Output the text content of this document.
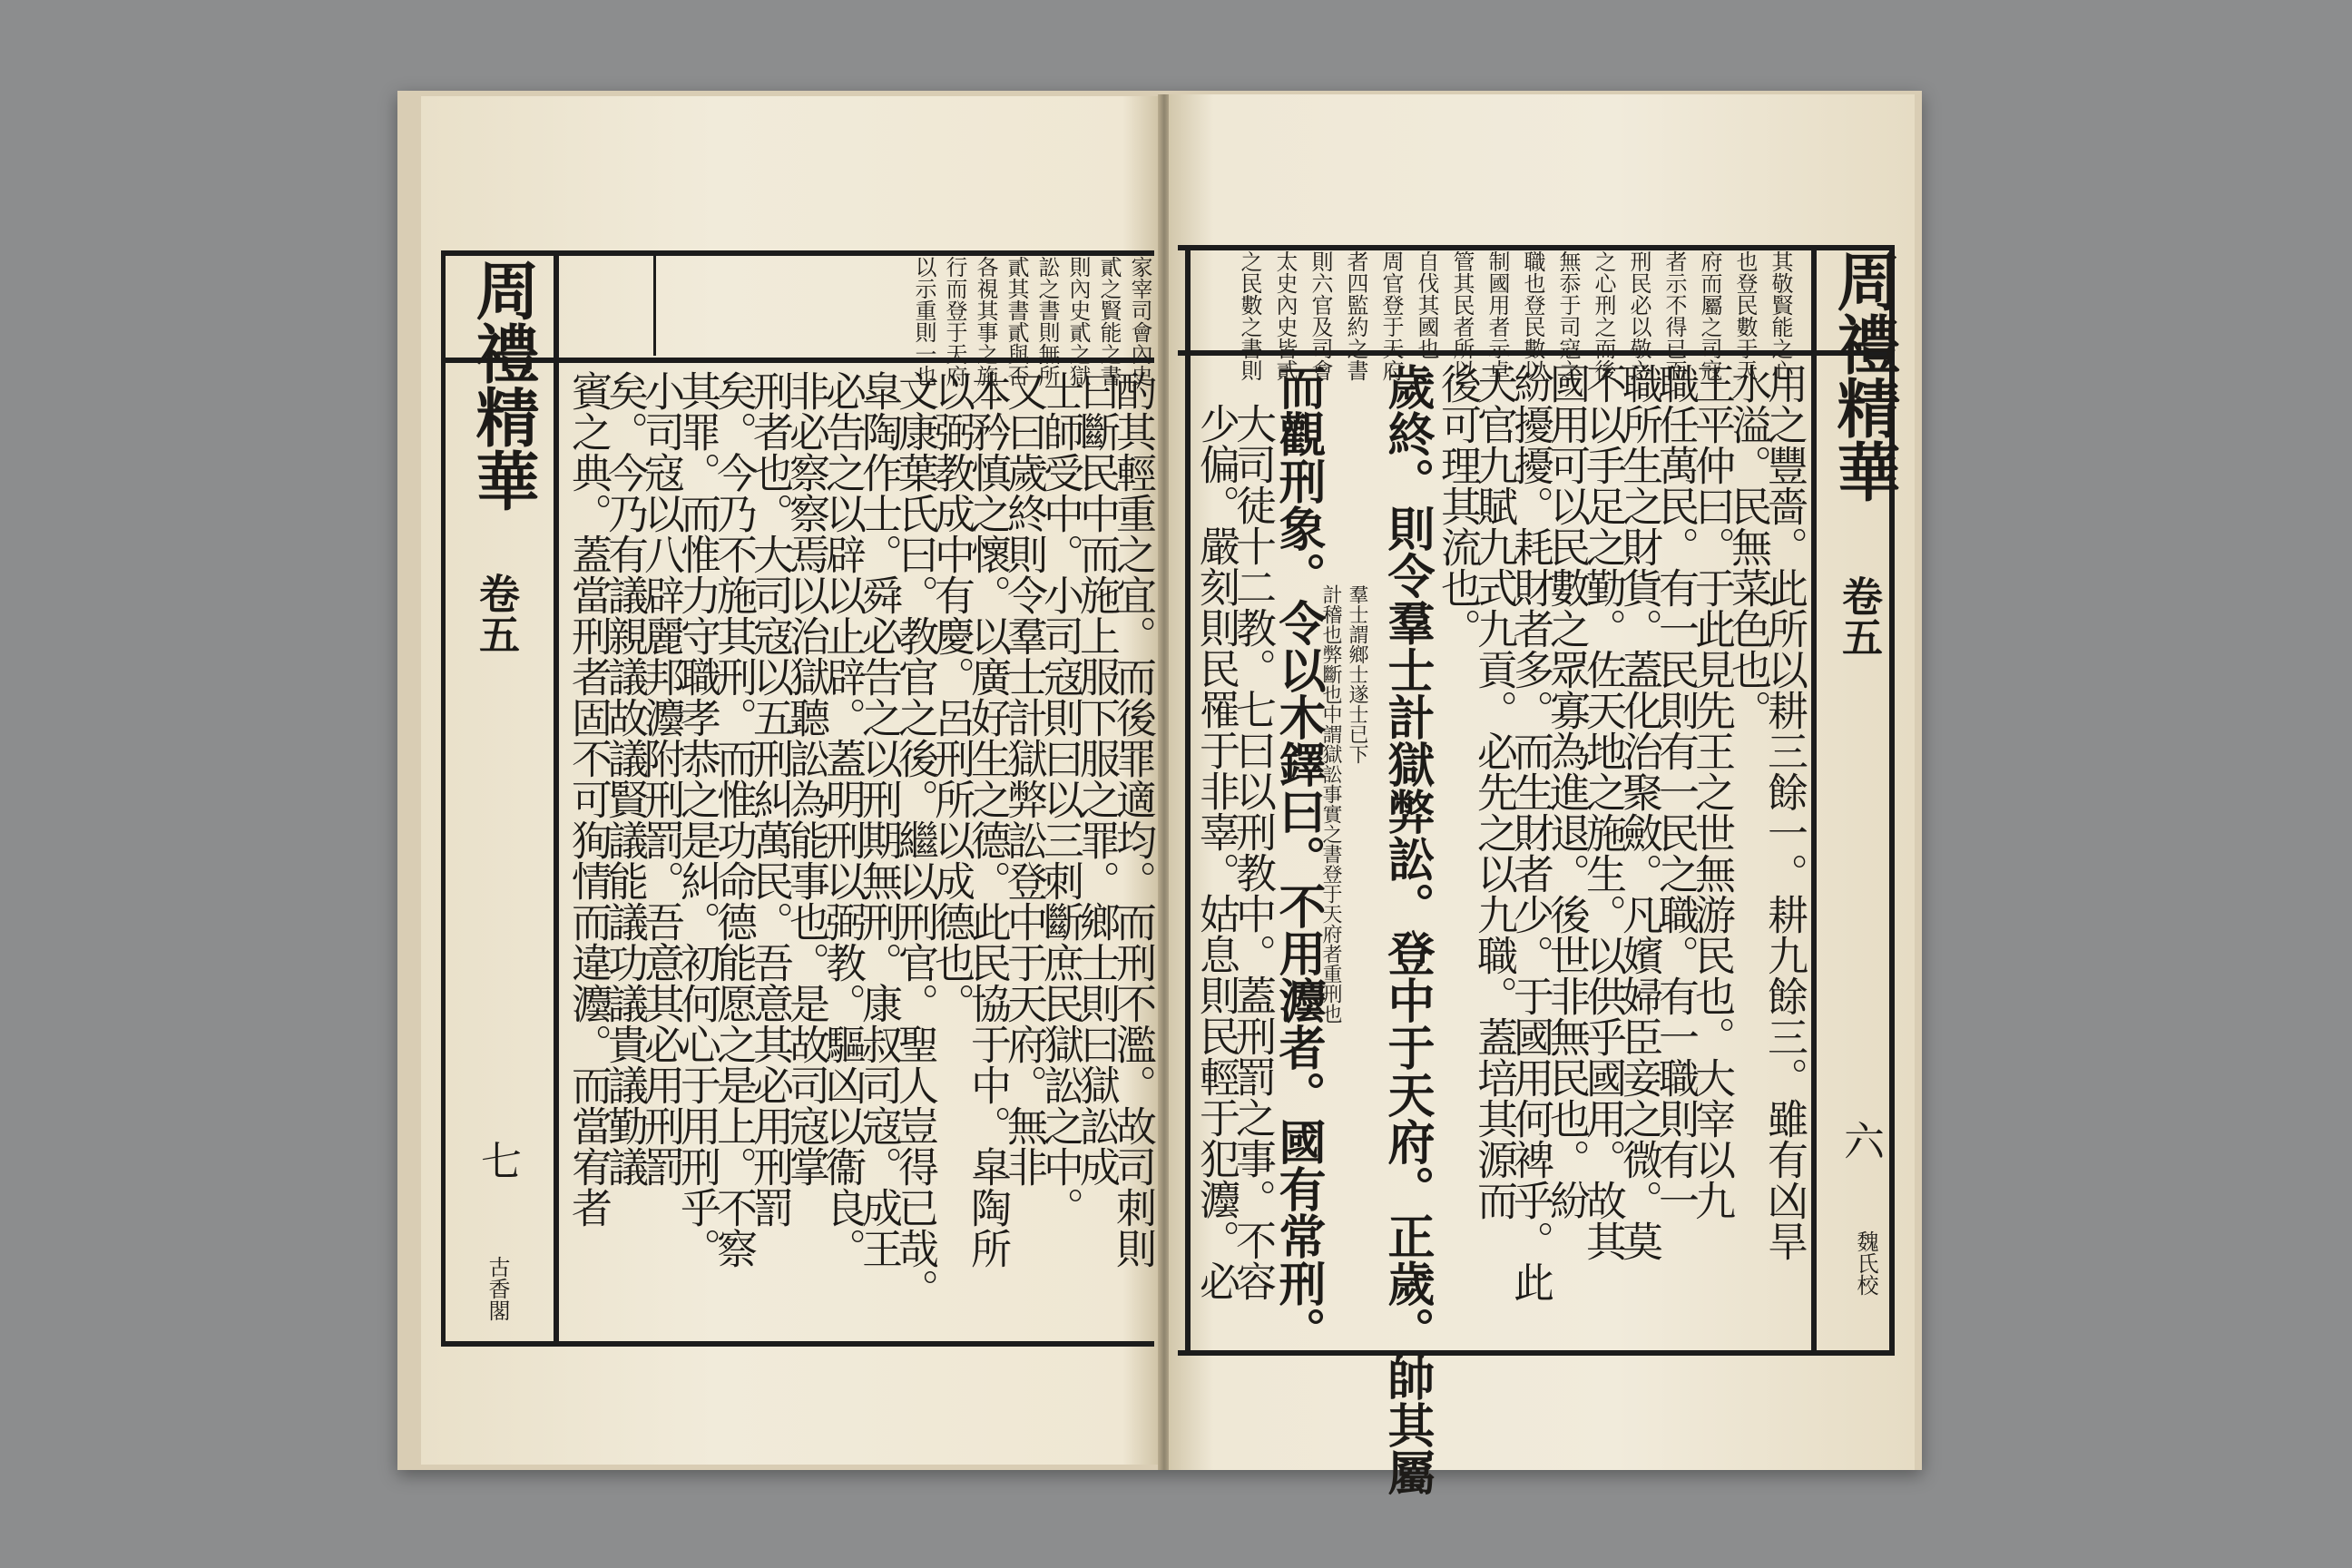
周禮精華
卷五
七
古香閣
家宰司會內史
貳之賢能之書
則內史貳之獄
訟之書則無所
貳其書貳與否
各視其事之施
行而登于天府
以示重則一也
酌其輕重之宜。而後罪適均。而刑不濫。故司刺則
曰斷民中而施上服下服之罪。鄉士則曰獄訟成
士師受中。小司寇則曰以三刺斷庶民獄訟之中。
又曰歲終則令羣士計獄弊訟登中于天府。無非
本矜慎之懷。以廣好生之德。此民協于中。皐陶所
以弼教成中有慶。呂刑所以成德也。
文康葉氏曰。教官之後。繼以刑官。聖人豈得已哉。
皐陶作士。舜必告之以刑期無刑。康叔司寇。成王
必告之以辟以止辟。蓋明刑以弼教。驅凶以衞良。
非必察察焉以治獄聽訟為能事也。是故司寇掌
刑者也。大司寇以五刑糾萬民。吾意其必用刑罰
矣。今乃不施其刑。而惟功命德能愿之是上。不察
其罪。而惟力守職孝恭之是糾。初何心于用刑乎。
小司寇以八辟麗邦灋附刑罰。吾意其必用刑罰
矣。今乃有議親議故議賢議能議功議貴議勤議
賓之典。蓋當刑者固不可狥情而違灋。而當宥者	周禮精華
卷五
六
魏氏校
其敬賢能之心
也登民數于天
府而屬之司寇
者示不得已而
刑民必以敬之
之心刑之而後
無忝于司寇之
職也登民數以
制國用者示卓
管其民者所以
自伐其國也
周官登于天府
者四監約之書
則六官及司會
太史內史皆貳
之民數之書則
用之豐嗇。此所以耕三餘一。耕九餘三。雖有凶旱
水溢。民無菜色也。
王平仲曰。于此見先王之世無游民也。大宰以九
職任萬民。有一民則有一民之職。有一職則有一
職所生之財貨。蓋化治聚斂。凡嬪婦臣妾之微。莫
不以手足之勤。佐天地之施生。以供乎國用。故其
國用可以民數之眾寡為進退。後世非無民也。紛
紛擾擾。耗財者多。而生財者少。于國用何裨乎。此
天官九賦九式九貢。必先之以九職。蓋培其源而
後可理其流也。
歲終。則令羣士計獄弊訟。登中于天府。正歲。帥其屬
羣士謂鄉士遂士已下
計稽也弊斷也中謂獄訟事實之書登于天府者重刑也
而觀刑象。令以木鐸曰。不用灋者。國有常刑。
大司徒十二教。七曰以刑教中。蓋刑罰之事。不容
少偏。嚴刻則民罹于非辜。姑息則民輕于犯灋。必
